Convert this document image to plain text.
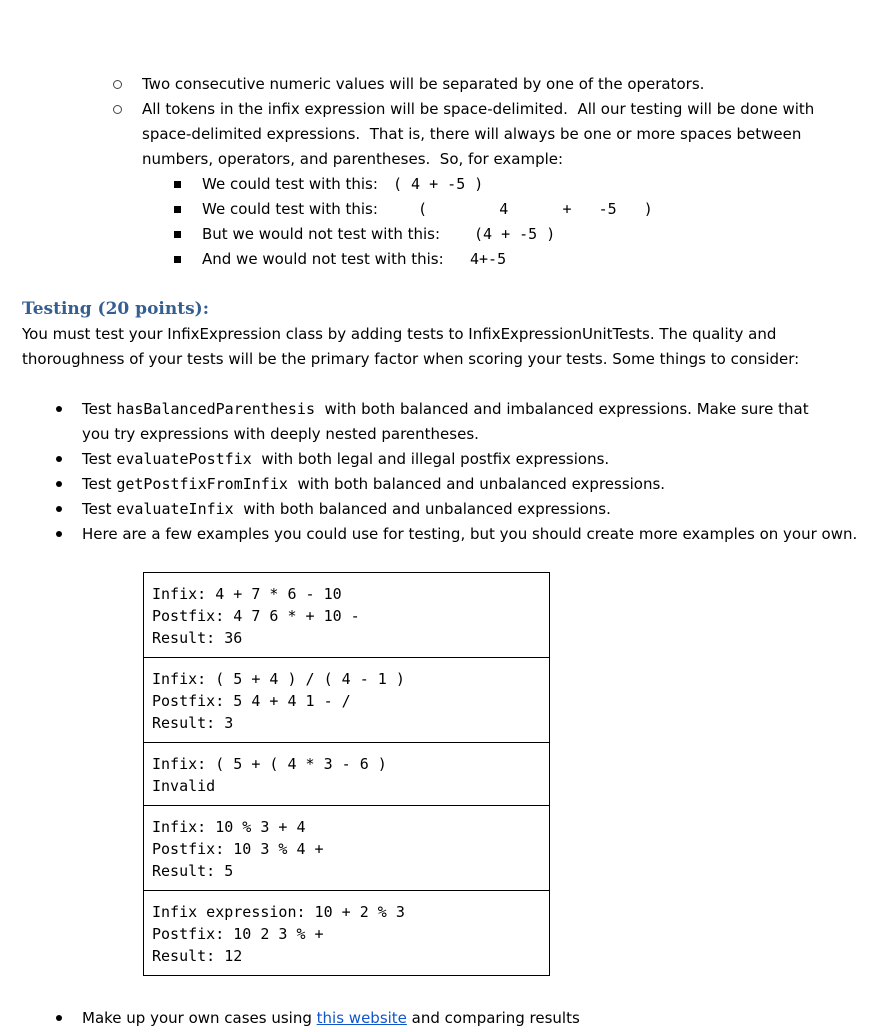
Two consecutive numeric values will be separated by one of the operators.
All tokens in the infix expression will be space-delimited.  All our testing will be done with
space-delimited expressions.  That is, there will always be one or more spaces between
numbers, operators, and parentheses.  So, for example:
We could test with this: ( 4 + -5 )
We could test with this:	(        4      +   -5   )
But we would not test with this: (4 + -5 )
And we would not test with this: 4+-5
Testing (20 points):
You must test your InfixExpression class by adding tests to InfixExpressionUnitTests. The quality and
thoroughness of your tests will be the primary factor when scoring your tests. Some things to consider:
Test hasBalancedParenthesis  with both balanced and imbalanced expressions. Make sure that
you try expressions with deeply nested parentheses.
Test evaluatePostfix  with both legal and illegal postfix expressions.
Test getPostfixFromInfix  with both balanced and unbalanced expressions.
Test evaluateInfix  with both balanced and unbalanced expressions.
Here are a few examples you could use for testing, but you should create more examples on your own.
Infix: 4 + 7 * 6 - 10
Postfix: 4 7 6 * + 10 -
Result: 36
Infix: ( 5 + 4 ) / ( 4 - 1 )
Postfix: 5 4 + 4 1 - /
Result: 3
Infix: ( 5 + ( 4 * 3 - 6 )
Invalid
Infix: 10 % 3 + 4
Postfix: 10 3 % 4 +
Result: 5
Infix expression: 10 + 2 % 3
Postfix: 10 2 3 % +
Result: 12
Make up your own cases using this website and comparing results
